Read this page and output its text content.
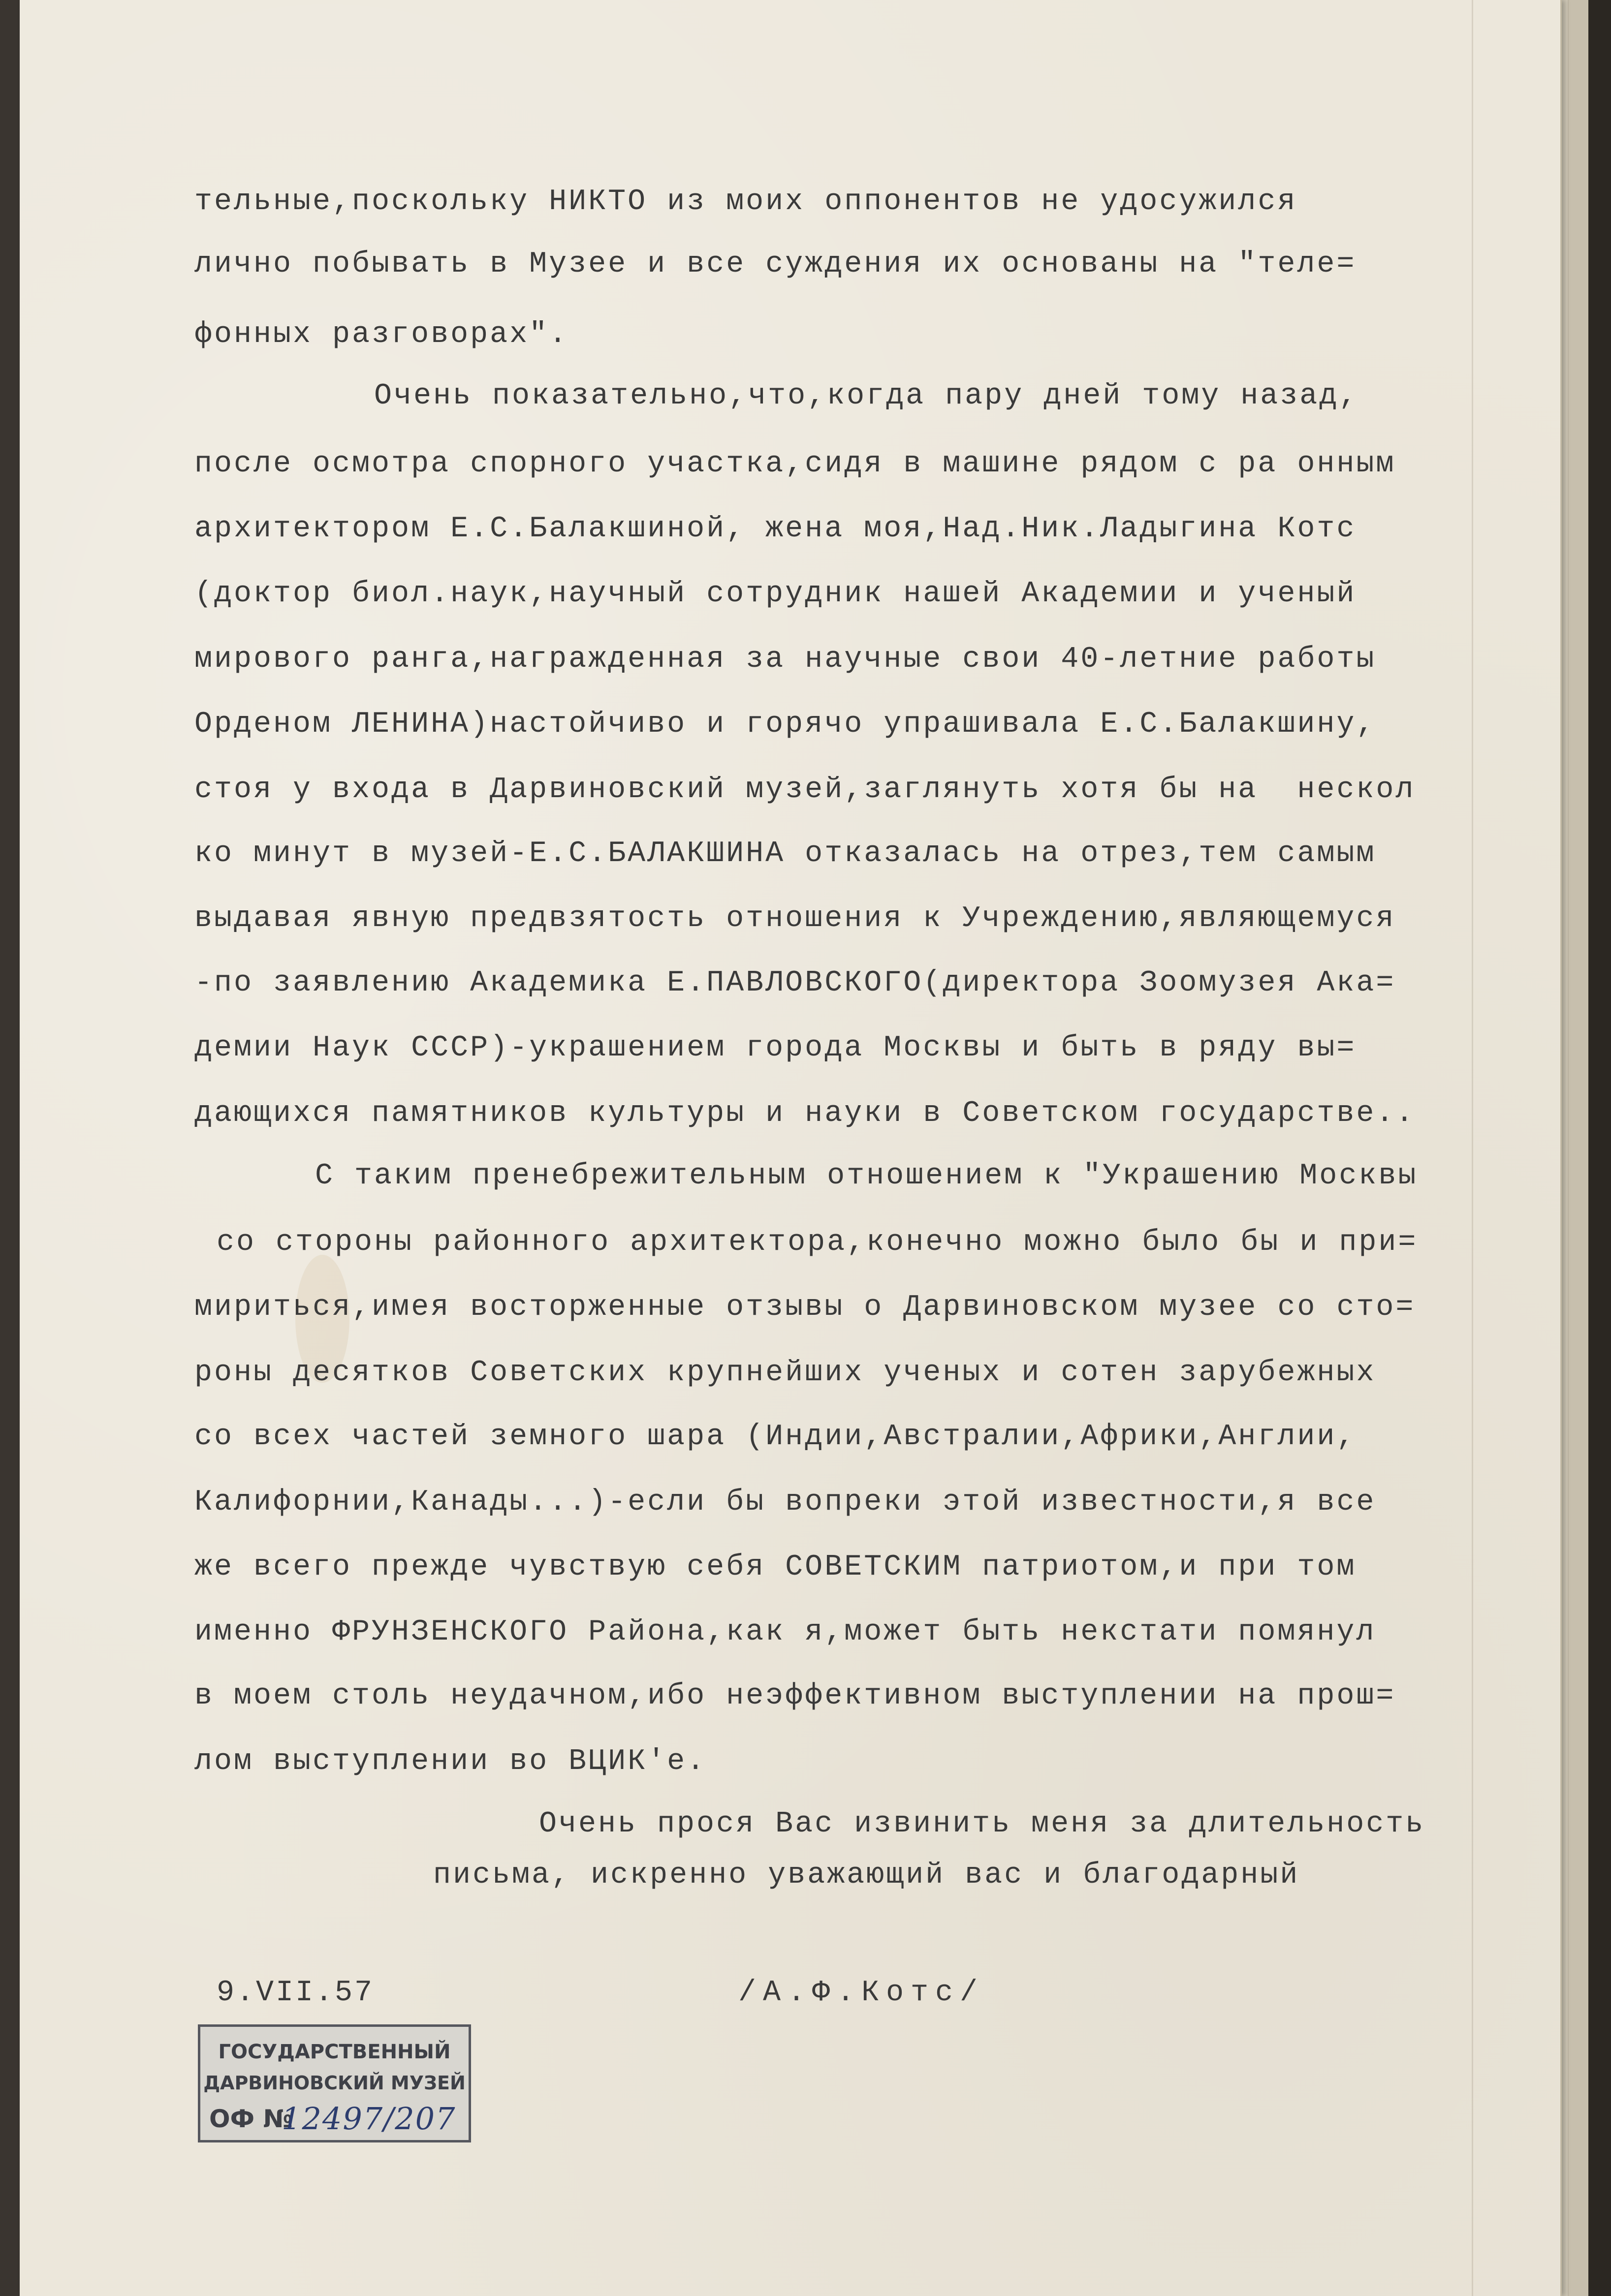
тельные,поскольку НИКТО из моих оппонентов не удосужился

лично побывать в Музее и все суждения их основаны на "теле=

фонных разговорах".

Очень показательно,что,когда пару дней тому назад,

после осмотра спорного участка,сидя в машине рядом с ра онным

архитектором Е.С.Балакшиной, жена моя,Над.Ник.Ладыгина Котс

(доктор биол.наук,научный сотрудник нашей Академии и ученый

мирового ранга,награжденная за научные свои 40-летние работы

Орденом ЛЕНИНА)настойчиво и горячо упрашивала Е.С.Балакшину,

стоя у входа в Дарвиновский музей,заглянуть хотя бы на  нескол

ко минут в музей-Е.С.БАЛАКШИНА отказалась на отрез,тем самым

выдавая явную предвзятость отношения к Учреждению,являющемуся

-по заявлению Академика Е.ПАВЛОВСКОГО(директора Зоомузея Ака=

демии Наук СССР)-украшением города Москвы и быть в ряду вы=

дающихся памятников культуры и науки в Советском государстве..

С таким пренебрежительным отношением к "Украшению Москвы

со стороны районного архитектора,конечно можно было бы и при=

мириться,имея восторженные отзывы о Дарвиновском музее со сто=

роны десятков Советских крупнейших ученых и сотен зарубежных

со всех частей земного шара (Индии,Австралии,Африки,Англии,

Калифорнии,Канады...)-если бы вопреки этой известности,я все

же всего прежде чувствую себя СОВЕТСКИМ патриотом,и при том

именно ФРУНЗЕНСКОГО Района,как я,может быть некстати помянул

в моем столь неудачном,ибо неэффективном выступлении на прош=

лом выступлении во ВЦИК'е.

Очень прося Вас извинить меня за длительность

письма, искренно уважающий вас и благодарный

9.VII.57	/А.Ф.Котс/

ГОСУДАРСТВЕННЫЙ
ДАРВИНОВСКИЙ МУЗЕЙ
ОФ №
12497/207
